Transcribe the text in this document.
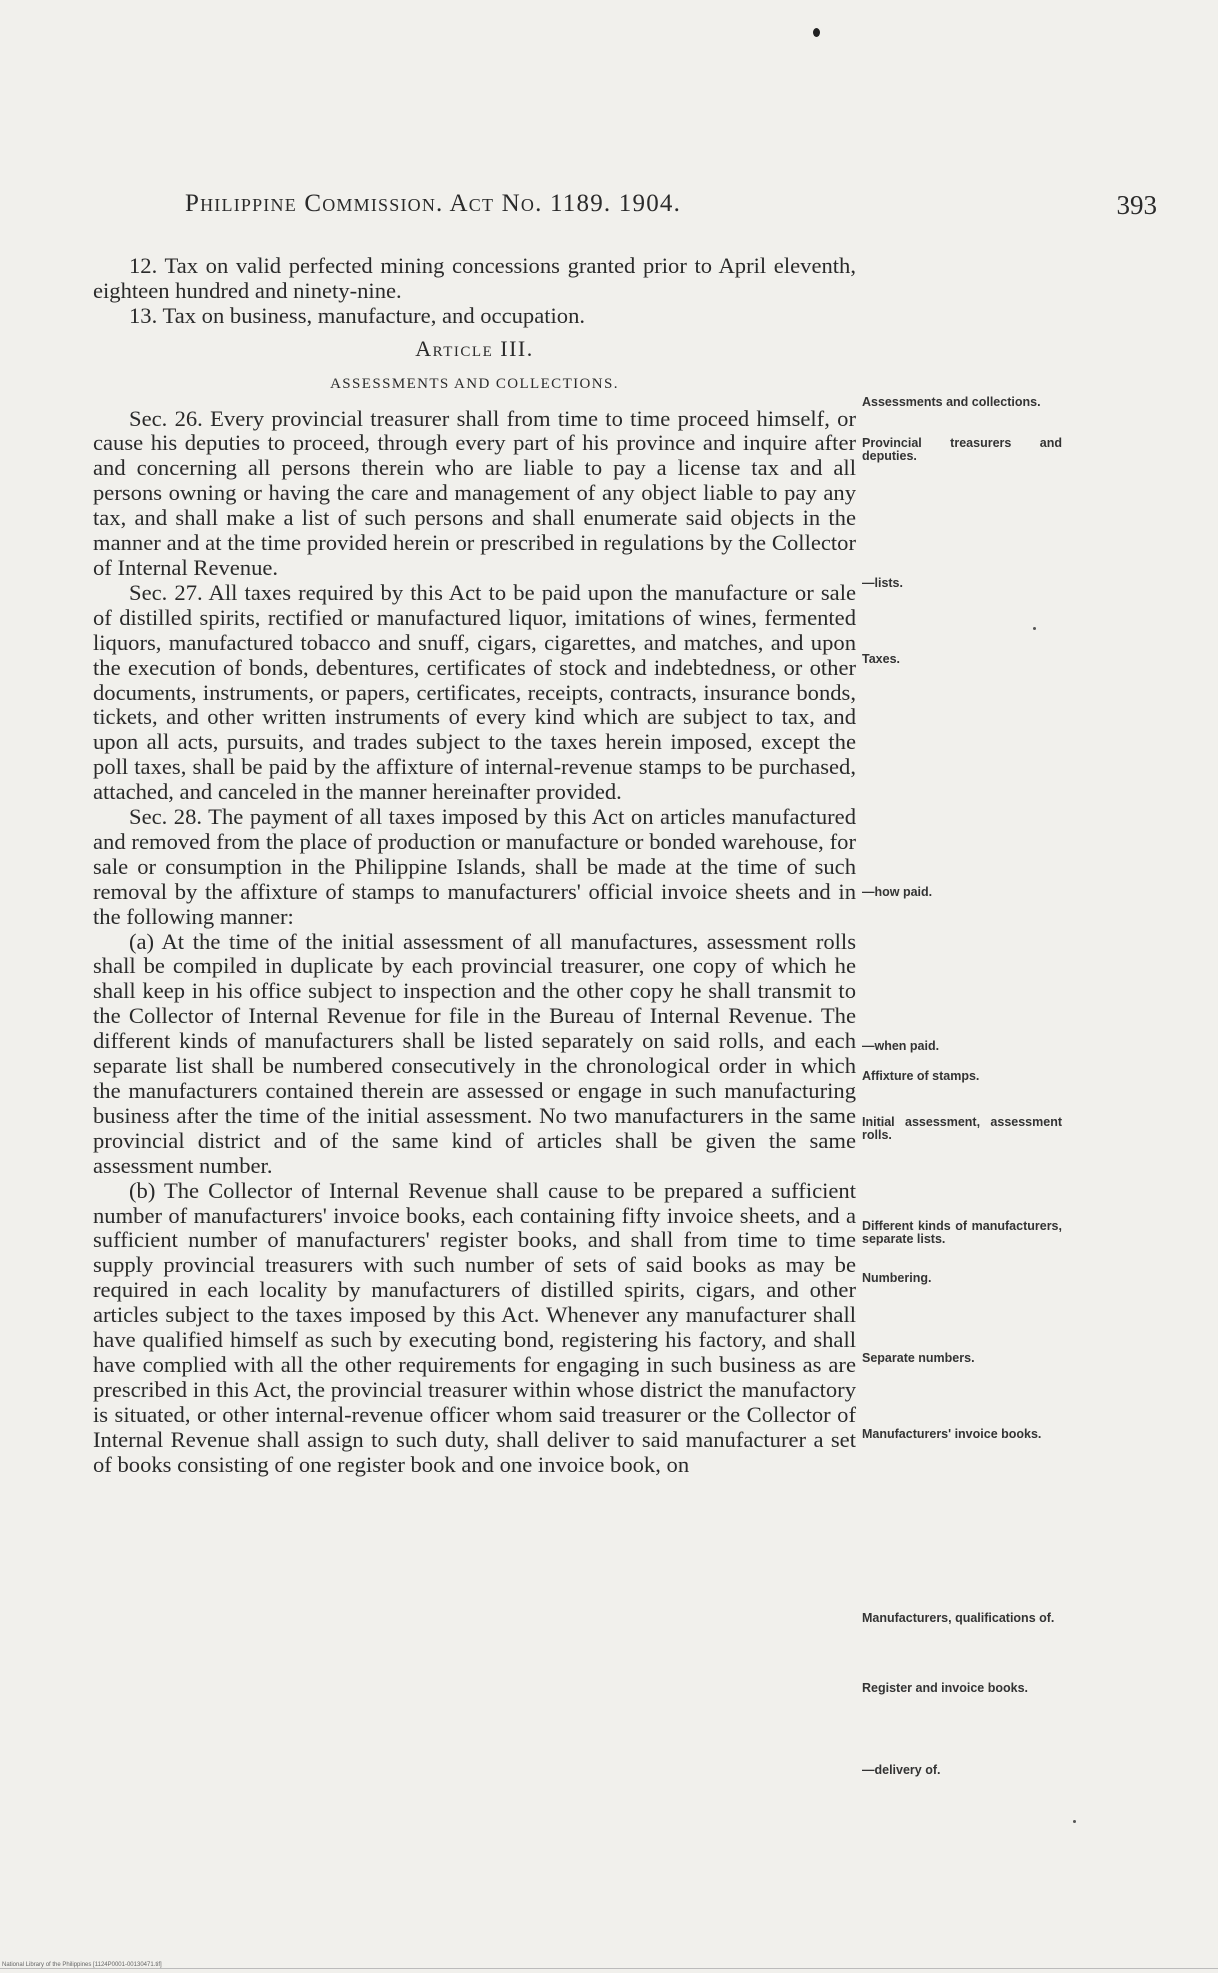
Philippine Commission. Act No. 1189. 1904.	393

12. Tax on valid perfected mining concessions granted prior to April eleventh, eighteen hundred and ninety-nine.

13. Tax on business, manufacture, and occupation.

Article III.

ASSESSMENTS AND COLLECTIONS.

Sec. 26. Every provincial treasurer shall from time to time proceed himself, or cause his deputies to proceed, through every part of his province and inquire after and concerning all persons therein who are liable to pay a license tax and all persons owning or having the care and management of any object liable to pay any tax, and shall make a list of such persons and shall enumerate said objects in the manner and at the time provided herein or prescribed in regulations by the Collector of Internal Revenue.

Sec. 27. All taxes required by this Act to be paid upon the manufacture or sale of distilled spirits, rectified or manufactured liquor, imitations of wines, fermented liquors, manufactured tobacco and snuff, cigars, cigarettes, and matches, and upon the execution of bonds, debentures, certificates of stock and indebtedness, or other documents, instruments, or papers, certificates, receipts, contracts, insurance bonds, tickets, and other written instruments of every kind which are subject to tax, and upon all acts, pursuits, and trades subject to the taxes herein imposed, except the poll taxes, shall be paid by the affixture of internal-revenue stamps to be purchased, attached, and canceled in the manner hereinafter provided.

Sec. 28. The payment of all taxes imposed by this Act on articles manufactured and removed from the place of production or manufacture or bonded warehouse, for sale or consumption in the Philippine Islands, shall be made at the time of such removal by the affixture of stamps to manufacturers' official invoice sheets and in the following manner:

(a) At the time of the initial assessment of all manufactures, assessment rolls shall be compiled in duplicate by each provincial treasurer, one copy of which he shall keep in his office subject to inspection and the other copy he shall transmit to the Collector of Internal Revenue for file in the Bureau of Internal Revenue. The different kinds of manufacturers shall be listed separately on said rolls, and each separate list shall be numbered consecutively in the chronological order in which the manufacturers contained therein are assessed or engage in such manufacturing business after the time of the initial assessment. No two manufacturers in the same provincial district and of the same kind of articles shall be given the same assessment number.

(b) The Collector of Internal Revenue shall cause to be prepared a sufficient number of manufacturers' invoice books, each containing fifty invoice sheets, and a sufficient number of manufacturers' register books, and shall from time to time supply provincial treasurers with such number of sets of said books as may be required in each locality by manufacturers of distilled spirits, cigars, and other articles subject to the taxes imposed by this Act. Whenever any manufacturer shall have qualified himself as such by executing bond, registering his factory, and shall have complied with all the other requirements for engaging in such business as are prescribed in this Act, the provincial treasurer within whose district the manufactory is situated, or other internal-revenue officer whom said treasurer or the Collector of Internal Revenue shall assign to such duty, shall deliver to said manufacturer a set of books consisting of one register book and one invoice book, on

Assessments and collections.
Provincial treasurers and deputies.
—lists.
Taxes.
—how paid.
—when paid.
Affixture of stamps.
Initial assessment, assessment rolls.
Different kinds of manufacturers, separate lists.
Numbering.
Separate numbers.
Manufacturers' invoice books.
Manufacturers, qualifications of.
Register and invoice books.
—delivery of.
National Library of the Philippines [1124P0001-00130471.tif]
